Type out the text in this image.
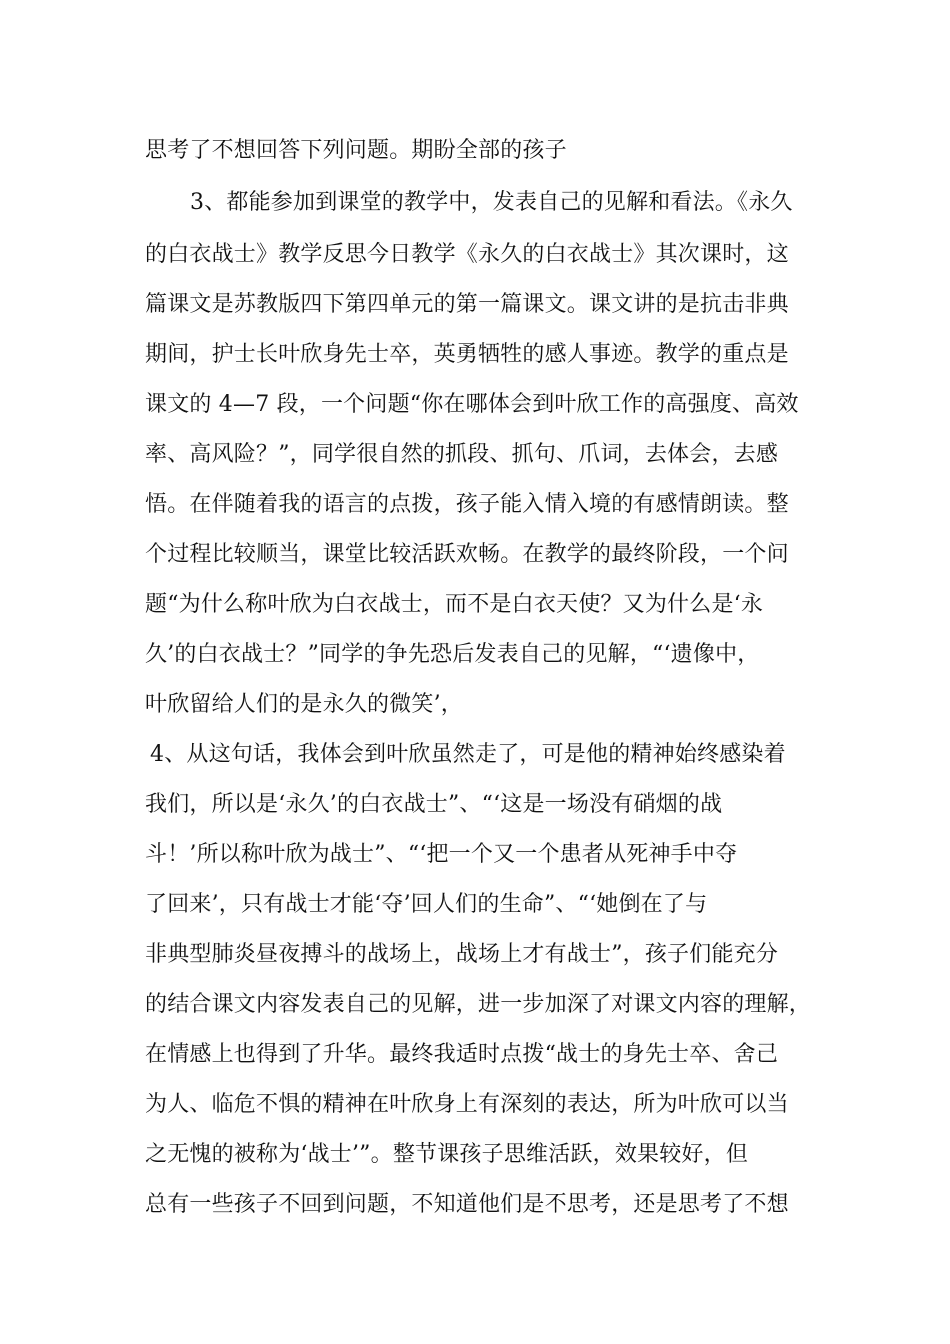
思考了不想回答下列问题。期盼全部的孩子
3、都能参加到课堂的教学中，发表自己的见解和看法。《永久
的白衣战士》教学反思今日教学《永久的白衣战士》其次课时，这
篇课文是苏教版四下第四单元的第一篇课文。课文讲的是抗击非典
期间，护士长叶欣身先士卒，英勇牺牲的感人事迹。教学的重点是
课文的 4—7 段，一个问题“你在哪体会到叶欣工作的高强度、高效
率、高风险？”，同学很自然的抓段、抓句、爪词，去体会，去感
悟。在伴随着我的语言的点拨，孩子能入情入境的有感情朗读。整
个过程比较顺当，课堂比较活跃欢畅。在教学的最终阶段，一个问
题“为什么称叶欣为白衣战士，而不是白衣天使？又为什么是‘永
久’的白衣战士？”同学的争先恐后发表自己的见解，“‘遗像中，
叶欣留给人们的是永久的微笑’，
4、从这句话，我体会到叶欣虽然走了，可是他的精神始终感染着
我们，所以是‘永久’的白衣战士”、“‘这是一场没有硝烟的战
斗！’所以称叶欣为战士”、“‘把一个又一个患者从死神手中夺
了回来’，只有战士才能‘夺’回人们的生命”、“‘她倒在了与
非典型肺炎昼夜搏斗的战场上，战场上才有战士”，孩子们能充分
的结合课文内容发表自己的见解，进一步加深了对课文内容的理解，
在情感上也得到了升华。最终我适时点拨“战士的身先士卒、舍己
为人、临危不惧的精神在叶欣身上有深刻的表达，所为叶欣可以当
之无愧的被称为‘战士’”。整节课孩子思维活跃，效果较好，但
总有一些孩子不回到问题，不知道他们是不思考，还是思考了不想
